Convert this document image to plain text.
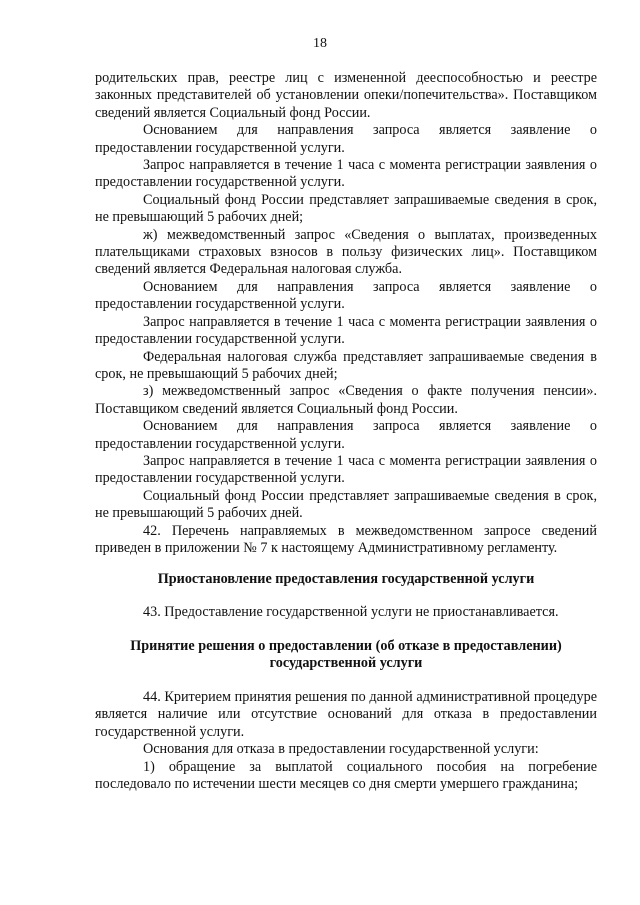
18

родительских прав, реестре лиц с измененной дееспособностью и реестре законных представителей об установлении опеки/попечительства». Поставщиком сведений является Социальный фонд России.

Основанием для направления запроса является заявление о предоставлении государственной услуги.

Запрос направляется в течение 1 часа с момента регистрации заявления о предоставлении государственной услуги.

Социальный фонд России представляет запрашиваемые сведения в срок, не превышающий 5 рабочих дней;

ж) межведомственный запрос «Сведения о выплатах, произведенных плательщиками страховых взносов в пользу физических лиц». Поставщиком сведений является Федеральная налоговая служба.

Основанием для направления запроса является заявление о предоставлении государственной услуги.

Запрос направляется в течение 1 часа с момента регистрации заявления о предоставлении государственной услуги.

Федеральная налоговая служба представляет запрашиваемые сведения в срок, не превышающий 5 рабочих дней;

з) межведомственный запрос «Сведения о факте получения пенсии». Поставщиком сведений является Социальный фонд России.

Основанием для направления запроса является заявление о предоставлении государственной услуги.

Запрос направляется в течение 1 часа с момента регистрации заявления о предоставлении государственной услуги.

Социальный фонд России представляет запрашиваемые сведения в срок, не превышающий 5 рабочих дней.

42. Перечень направляемых в межведомственном запросе сведений приведен в приложении № 7 к настоящему Административному регламенту.

Приостановление предоставления государственной услуги

43. Предоставление государственной услуги не приостанавливается.

Принятие решения о предоставлении (об отказе в предоставлении)
государственной услуги

44. Критерием принятия решения по данной административной процедуре является наличие или отсутствие оснований для отказа в предоставлении государственной услуги.

Основания для отказа в предоставлении государственной услуги:

1) обращение за выплатой социального пособия на погребение последовало по истечении шести месяцев со дня смерти умершего гражданина;
